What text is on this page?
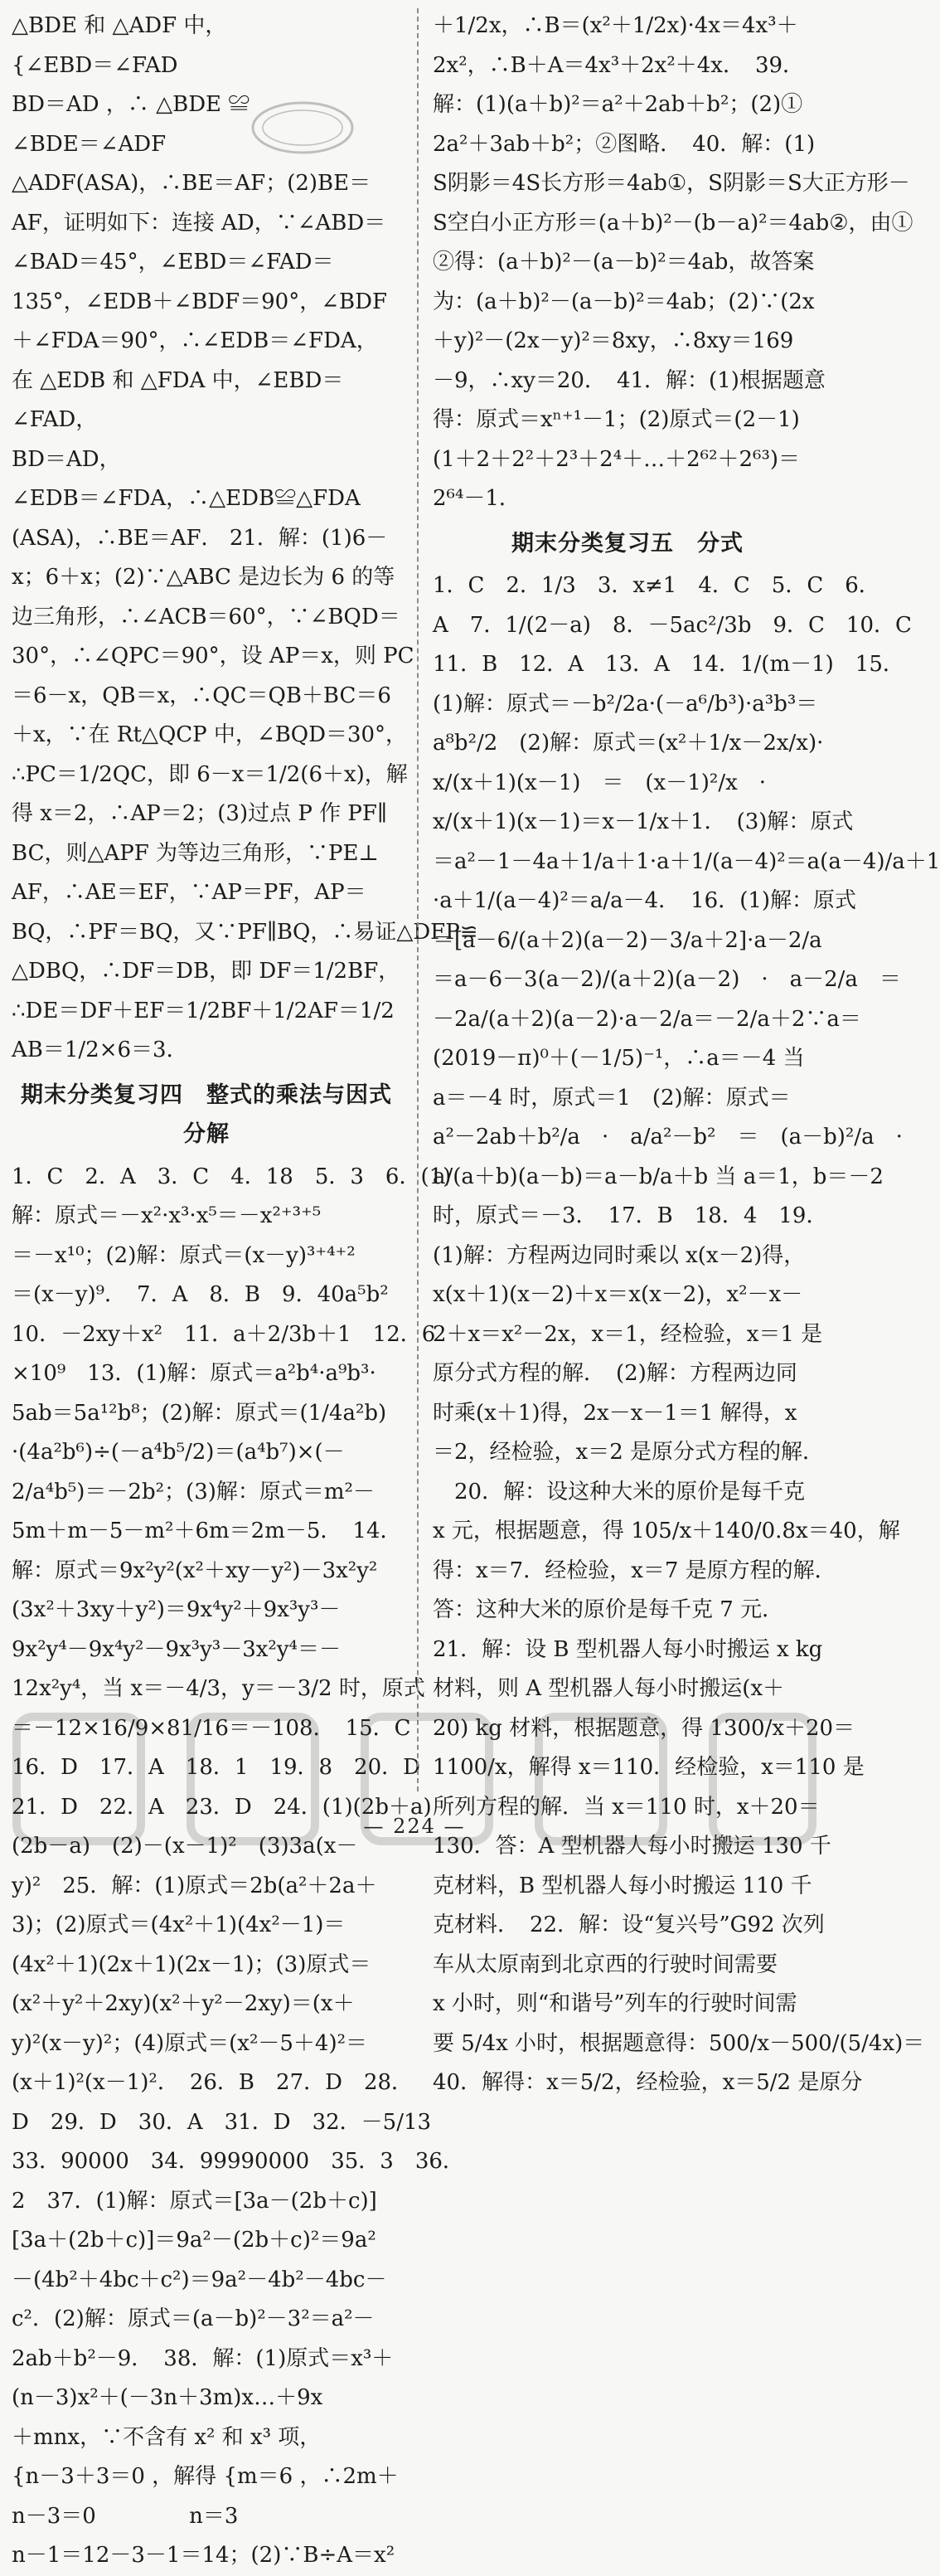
△BDE 和 △ADF 中，
{∠EBD＝∠FAD
BD＝AD ，∴ △BDE ≌
∠BDE＝∠ADF
△ADF(ASA)，∴BE＝AF；(2)BE＝
AF，证明如下：连接 AD，∵∠ABD＝
∠BAD＝45°，∠EBD＝∠FAD＝
135°，∠EDB＋∠BDF＝90°，∠BDF
＋∠FDA＝90°，∴∠EDB＝∠FDA，
在 △EDB 和 △FDA 中，∠EBD＝
∠FAD，
BD＝AD，
∠EDB＝∠FDA，∴△EDB≌△FDA
(ASA)，∴BE＝AF． 21．解：(1)6－
x；6＋x；(2)∵△ABC 是边长为 6 的等
边三角形，∴∠ACB＝60°，∵∠BQD＝
30°，∴∠QPC＝90°，设 AP＝x，则 PC
＝6－x，QB＝x，∴QC＝QB＋BC＝6
＋x，∵在 Rt△QCP 中，∠BQD＝30°，
∴PC＝1/2QC，即 6－x＝1/2(6＋x)，解
得 x＝2，∴AP＝2；(3)过点 P 作 PF∥
BC，则△APF 为等边三角形，∵PE⊥
AF，∴AE＝EF，∵AP＝PF，AP＝
BQ，∴PF＝BQ，又∵PF∥BQ，∴易证△DFP≌
△DBQ，∴DF＝DB，即 DF＝1/2BF，
∴DE＝DF＋EF＝1/2BF＋1/2AF＝1/2
AB＝1/2×6＝3．
期末分类复习四　整式的乘法与因式分解
1．C　2．A　3．C　4．18　5．3　6．(1)
解：原式＝－x²·x³·x⁵＝－x²⁺³⁺⁵
＝－x¹⁰；(2)解：原式＝(x－y)³⁺⁴⁺²
＝(x－y)⁹．　7．A　8．B　9．40a⁵b²
10．－2xy＋x²　11．a＋2/3b＋1　12．6
×10⁹　13．(1)解：原式＝a²b⁴·a⁹b³·
5ab＝5a¹²b⁸；(2)解：原式＝(1/4a²b)
·(4a²b⁶)÷(－a⁴b⁵/2)＝(a⁴b⁷)×(－
2/a⁴b⁵)＝－2b²；(3)解：原式＝m²－
5m＋m－5－m²＋6m＝2m－5．　14．
解：原式＝9x²y²(x²＋xy－y²)－3x²y²
(3x²＋3xy＋y²)＝9x⁴y²＋9x³y³－
9x²y⁴－9x⁴y²－9x³y³－3x²y⁴＝－
12x²y⁴，当 x＝－4/3，y＝－3/2 时，原式
＝－12×16/9×81/16＝－108．　15．C
16．D　17．A　18．1　19．8　20．D
21．D　22．A　23．D　24．(1)(2b＋a)
(2b－a)　(2)－(x－1)²　(3)3a(x－
y)²　25．解：(1)原式＝2b(a²＋2a＋
3)；(2)原式＝(4x²＋1)(4x²－1)＝
(4x²＋1)(2x＋1)(2x－1)；(3)原式＝
(x²＋y²＋2xy)(x²＋y²－2xy)＝(x＋
y)²(x－y)²；(4)原式＝(x²－5＋4)²＝
(x＋1)²(x－1)²．　26．B　27．D　28．
D　29．D　30．A　31．D　32．－5/13
33．90000　34．99990000　35．3　36．
2　37．(1)解：原式＝[3a－(2b＋c)]
[3a＋(2b＋c)]＝9a²－(2b＋c)²＝9a²
－(4b²＋4bc＋c²)＝9a²－4b²－4bc－
c²．(2)解：原式＝(a－b)²－3²＝a²－
2ab＋b²－9．　38．解：(1)原式＝x³＋
(n－3)x²＋(－3n＋3m)x…＋9x
＋mnx，∵不含有 x² 和 x³ 项，
{n－3＋3＝0 ，解得 {m＝6 ，∴2m＋
n－3＝0　　　　 n＝3
n－1＝12－3－1＝14；(2)∵B÷A＝x²
＋1/2x，∴B＝(x²＋1/2x)·4x＝4x³＋
2x²，∴B＋A＝4x³＋2x²＋4x．　39．
解：(1)(a＋b)²＝a²＋2ab＋b²；(2)①
2a²＋3ab＋b²；②图略．　40．解：(1)
S阴影＝4S长方形＝4ab①，S阴影＝S大正方形－
S空白小正方形＝(a＋b)²－(b－a)²＝4ab②，由①
②得：(a＋b)²－(a－b)²＝4ab，故答案
为：(a＋b)²－(a－b)²＝4ab；(2)∵(2x
＋y)²－(2x－y)²＝8xy，∴8xy＝169
－9，∴xy＝20．　41．解：(1)根据题意
得：原式＝xⁿ⁺¹－1；(2)原式＝(2－1)
(1＋2＋2²＋2³＋2⁴＋…＋2⁶²＋2⁶³)＝
2⁶⁴－1．
期末分类复习五　分式
1．C　2．1/3　3．x≠1　4．C　5．C　6．
A　7．1/(2－a)　8．－5ac²/3b　9．C　10．C
11．B　12．A　13．A　14．1/(m－1)　15．
(1)解：原式＝－b²/2a·(－a⁶/b³)·a³b³＝
a⁸b²/2　(2)解：原式＝(x²＋1/x－2x/x)·
x/(x＋1)(x－1)　＝　(x－1)²/x　·
x/(x＋1)(x－1)＝x－1/x＋1．　(3)解：原式
＝a²－1－4a＋1/a＋1·a＋1/(a－4)²＝a(a－4)/a＋1
·a＋1/(a－4)²＝a/a－4．　16．(1)解：原式
＝[a－6/(a＋2)(a－2)－3/a＋2]·a－2/a
＝a－6－3(a－2)/(a＋2)(a－2)　·　a－2/a　＝
－2a/(a＋2)(a－2)·a－2/a＝－2/a＋2∵a＝
(2019－π)⁰＋(－1/5)⁻¹，∴a＝－4 当
a＝－4 时，原式＝1　(2)解：原式＝
a²－2ab＋b²/a　·　a/a²－b²　＝　(a－b)²/a　·
a/(a＋b)(a－b)＝a－b/a＋b 当 a＝1，b＝－2
时，原式＝－3．　17．B　18．4　19．
(1)解：方程两边同时乘以 x(x－2)得，
x(x＋1)(x－2)＋x＝x(x－2)，x²－x－
2＋x＝x²－2x，x＝1，经检验，x＝1 是
原分式方程的解．　(2)解：方程两边同
时乘(x＋1)得，2x－x－1＝1 解得，x
＝2，经检验，x＝2 是原分式方程的解．
　20．解：设这种大米的原价是每千克
x 元，根据题意，得 105/x＋140/0.8x＝40，解
得：x＝7．经检验，x＝7 是原方程的解．
答：这种大米的原价是每千克 7 元．
21．解：设 B 型机器人每小时搬运 x kg
材料，则 A 型机器人每小时搬运(x＋
20) kg 材料，根据题意，得 1300/x＋20＝
1100/x，解得 x＝110．经检验，x＝110 是
所列方程的解．当 x＝110 时，x＋20＝
130．答：A 型机器人每小时搬运 130 千
克材料，B 型机器人每小时搬运 110 千
克材料．　22．解：设“复兴号”G92 次列
车从太原南到北京西的行驶时间需要
x 小时，则“和谐号”列车的行驶时间需
要 5/4x 小时，根据题意得：500/x－500/(5/4x)＝
40．解得：x＝5/2，经检验，x＝5/2 是原分
— 224 —
